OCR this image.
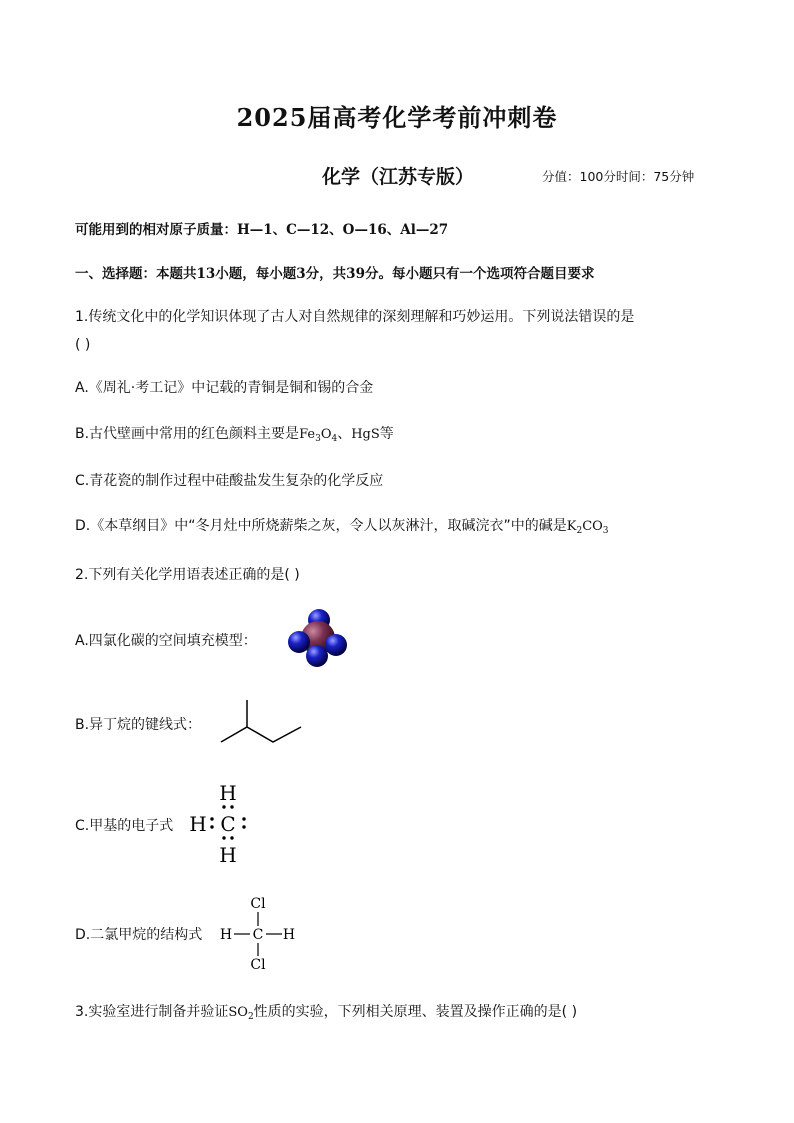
2025届高考化学考前冲刺卷
化学（江苏专版）	分值：100分时间：75分钟
可能用到的相对原子质量：H—1、C—12、O—16、Al—27
一、选择题：本题共13小题，每小题3分，共39分。每小题只有一个选项符合题目要求
1.传统文化中的化学知识体现了古人对自然规律的深刻理解和巧妙运用。下列说法错误的是
( )
A.《周礼·考工记》中记载的青铜是铜和锡的合金
B.古代壁画中常用的红色颜料主要是$Fe_3O_4$、HgS等
C.青花瓷的制作过程中硅酸盐发生复杂的化学反应
D.《本草纲目》中“冬月灶中所烧薪柴之灰，令人以灰淋汁，取碱浣衣”中的碱是$K_2CO_3$
2.下列有关化学用语表述正确的是( )
A.四氯化碳的空间填充模型：
B.异丁烷的键线式：
C.甲基的电子式
H
H C
H
D.二氯甲烷的结构式
Cl
H C H
Cl
3.实验室进行制备并验证$SO_2$性质的实验，下列相关原理、装置及操作正确的是( )
